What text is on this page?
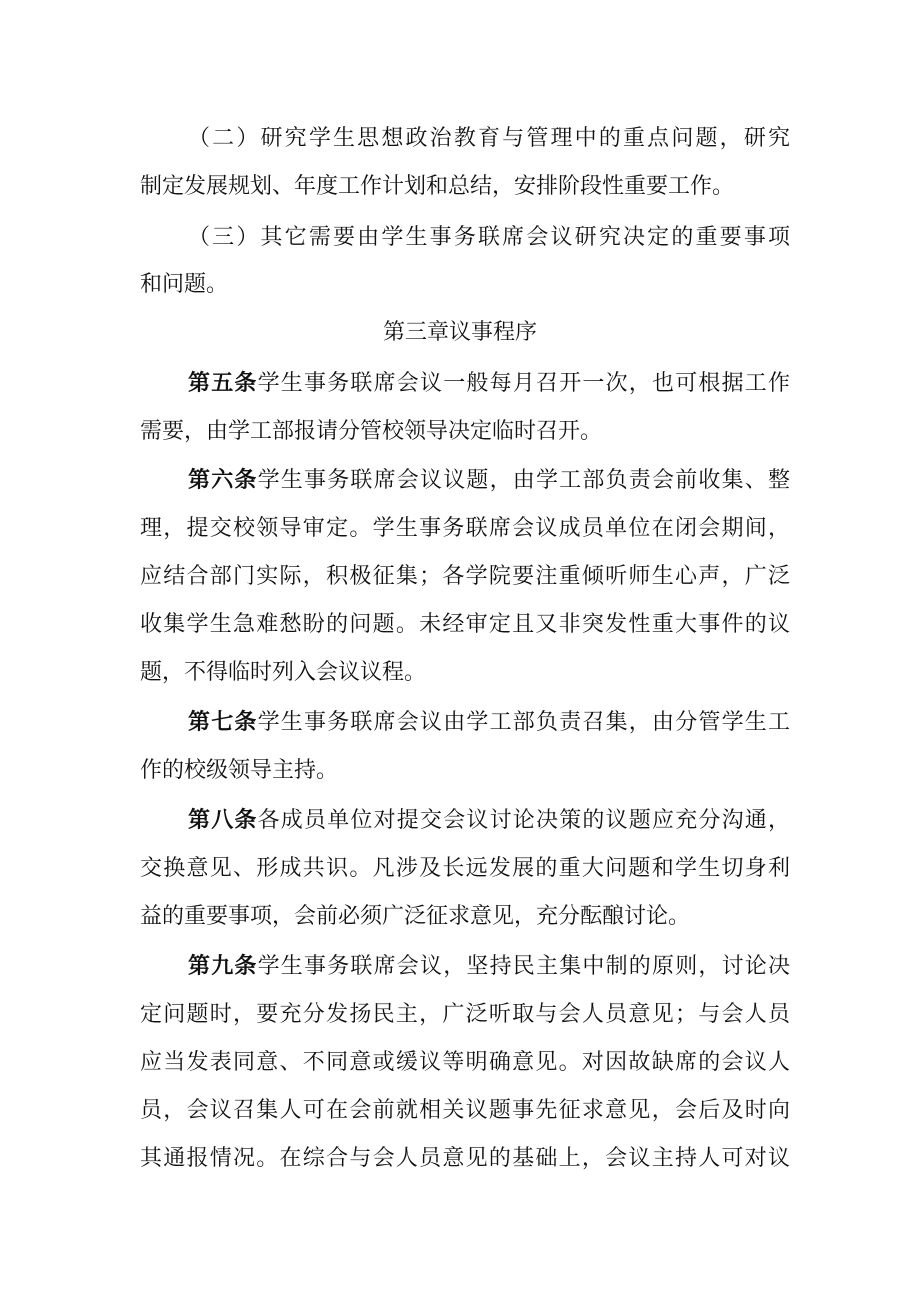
（二）研究学生思想政治教育与管理中的重点问题，研究
制定发展规划、年度工作计划和总结，安排阶段性重要工作。
（三）其它需要由学生事务联席会议研究决定的重要事项
和问题。
第三章议事程序
第五条学生事务联席会议一般每月召开一次，也可根据工作
需要，由学工部报请分管校领导决定临时召开。
第六条学生事务联席会议议题，由学工部负责会前收集、整
理，提交校领导审定。学生事务联席会议成员单位在闭会期间，
应结合部门实际，积极征集；各学院要注重倾听师生心声，广泛
收集学生急难愁盼的问题。未经审定且又非突发性重大事件的议
题，不得临时列入会议议程。
第七条学生事务联席会议由学工部负责召集，由分管学生工
作的校级领导主持。
第八条各成员单位对提交会议讨论决策的议题应充分沟通，
交换意见、形成共识。凡涉及长远发展的重大问题和学生切身利
益的重要事项，会前必须广泛征求意见，充分酝酿讨论。
第九条学生事务联席会议，坚持民主集中制的原则，讨论决
定问题时，要充分发扬民主，广泛听取与会人员意见；与会人员
应当发表同意、不同意或缓议等明确意见。对因故缺席的会议人
员，会议召集人可在会前就相关议题事先征求意见，会后及时向
其通报情况。在综合与会人员意见的基础上，会议主持人可对议
